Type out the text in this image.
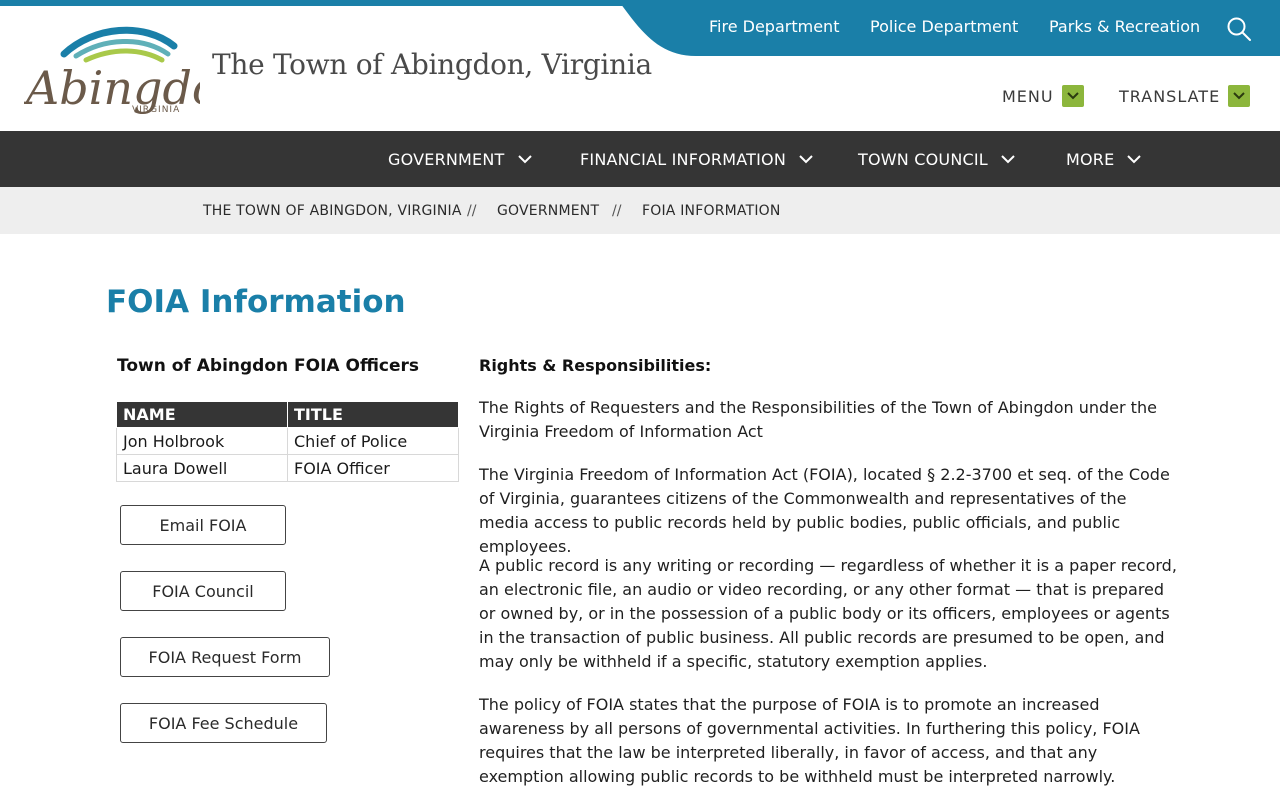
Fire Department Police Department Parks & Recreation
Abingd
VIRGINIA
The Town of Abingdon, Virginia
MENU	TRANSLATE
GOVERNMENT	FINANCIAL INFORMATION	TOWN COUNCIL	MORE
THE TOWN OF ABINGDON, VIRGINIA // GOVERNMENT // FOIA INFORMATION
FOIA Information
Town of Abingdon FOIA Officers
NAME	TITLE
Jon Holbrook	Chief of Police
Laura Dowell	FOIA Officer
Email FOIA
FOIA Council
FOIA Request Form
FOIA Fee Schedule
Rights & Responsibilities:

The Rights of Requesters and the Responsibilities of the Town of Abingdon under the Virginia Freedom of Information Act

The Virginia Freedom of Information Act (FOIA), located § 2.2-3700 et seq. of the Code of Virginia, guarantees citizens of the Commonwealth and representatives of the media access to public records held by public bodies, public officials, and public employees.

A public record is any writing or recording — regardless of whether it is a paper record, an electronic file, an audio or video recording, or any other format — that is prepared or owned by, or in the possession of a public body or its officers, employees or agents in the transaction of public business. All public records are presumed to be open, and may only be withheld if a specific, statutory exemption applies.

The policy of FOIA states that the purpose of FOIA is to promote an increased awareness by all persons of governmental activities. In furthering this policy, FOIA requires that the law be interpreted liberally, in favor of access, and that any exemption allowing public records to be withheld must be interpreted narrowly.
